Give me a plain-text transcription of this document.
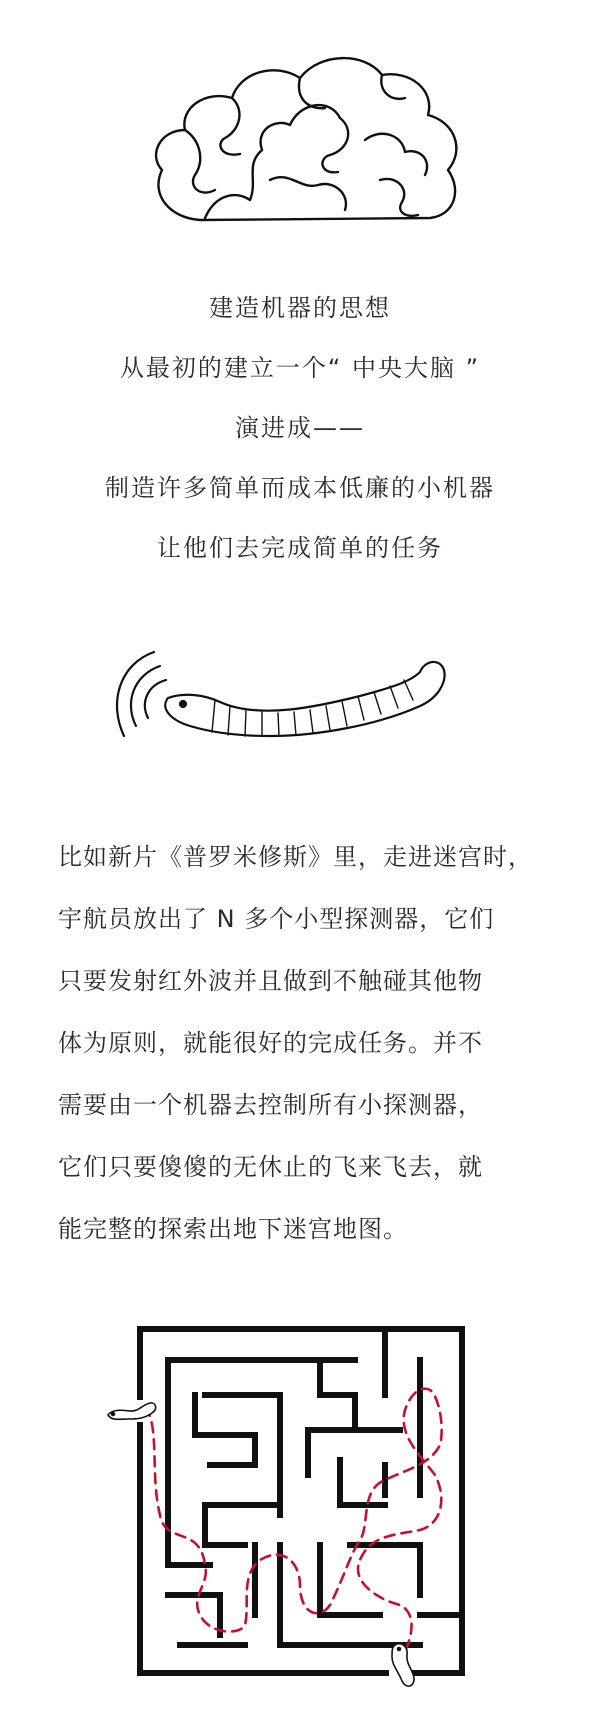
建造机器的思想
从最初的建立一个“ 中央大脑 ”
演进成——
制造许多简单而成本低廉的小机器
让他们去完成简单的任务
比如新片《普罗米修斯》里，走进迷宫时，
宇航员放出了 N 多个小型探测器，它们
只要发射红外波并且做到不触碰其他物
体为原则，就能很好的完成任务。并不
需要由一个机器去控制所有小探测器，
它们只要傻傻的无休止的飞来飞去，就
能完整的探索出地下迷宫地图。
